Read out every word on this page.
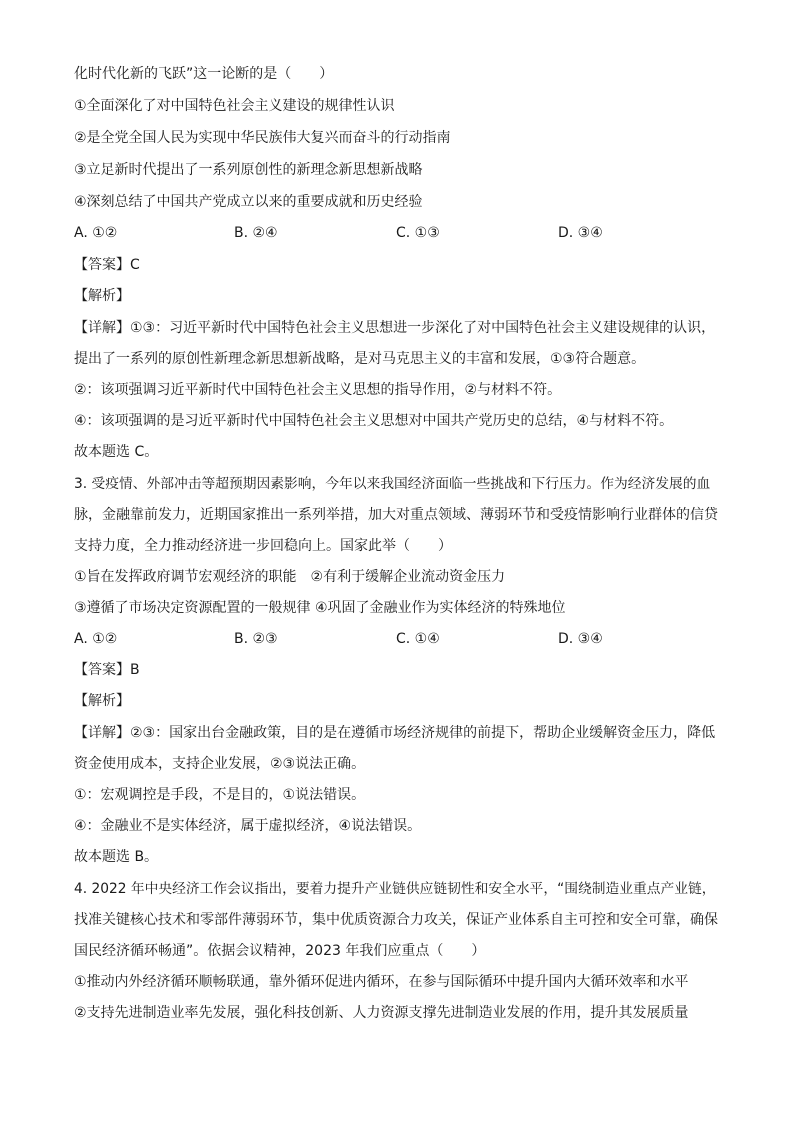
化时代化新的飞跃”这一论断的是（　　）
①全面深化了对中国特色社会主义建设的规律性认识
②是全党全国人民为实现中华民族伟大复兴而奋斗的行动指南
③立足新时代提出了一系列原创性的新理念新思想新战略
④深刻总结了中国共产党成立以来的重要成就和历史经验
A. ①②	B. ②④	C. ①③	D. ③④
【答案】C
【解析】
【详解】①③：习近平新时代中国特色社会主义思想进一步深化了对中国特色社会主义建设规律的认识，
提出了一系列的原创性新理念新思想新战略，是对马克思主义的丰富和发展，①③符合题意。
②：该项强调习近平新时代中国特色社会主义思想的指导作用，②与材料不符。
④：该项强调的是习近平新时代中国特色社会主义思想对中国共产党历史的总结，④与材料不符。
故本题选 C。
3. 受疫情、外部冲击等超预期因素影响，今年以来我国经济面临一些挑战和下行压力。作为经济发展的血
脉，金融靠前发力，近期国家推出一系列举措，加大对重点领域、薄弱环节和受疫情影响行业群体的信贷
支持力度，全力推动经济进一步回稳向上。国家此举（　　）
①旨在发挥政府调节宏观经济的职能　②有利于缓解企业流动资金压力
③遵循了市场决定资源配置的一般规律 ④巩固了金融业作为实体经济的特殊地位
A. ①②	B. ②③	C. ①④	D. ③④
【答案】B
【解析】
【详解】②③：国家出台金融政策，目的是在遵循市场经济规律的前提下，帮助企业缓解资金压力，降低
资金使用成本，支持企业发展，②③说法正确。
①：宏观调控是手段，不是目的，①说法错误。
④：金融业不是实体经济，属于虚拟经济，④说法错误。
故本题选 B。
4. 2022 年中央经济工作会议指出，要着力提升产业链供应链韧性和安全水平，“围绕制造业重点产业链，
找准关键核心技术和零部件薄弱环节，集中优质资源合力攻关，保证产业体系自主可控和安全可靠，确保
国民经济循环畅通”。依据会议精神，2023 年我们应重点（　　）
①推动内外经济循环顺畅联通，靠外循环促进内循环，在参与国际循环中提升国内大循环效率和水平
②支持先进制造业率先发展，强化科技创新、人力资源支撑先进制造业发展的作用，提升其发展质量
